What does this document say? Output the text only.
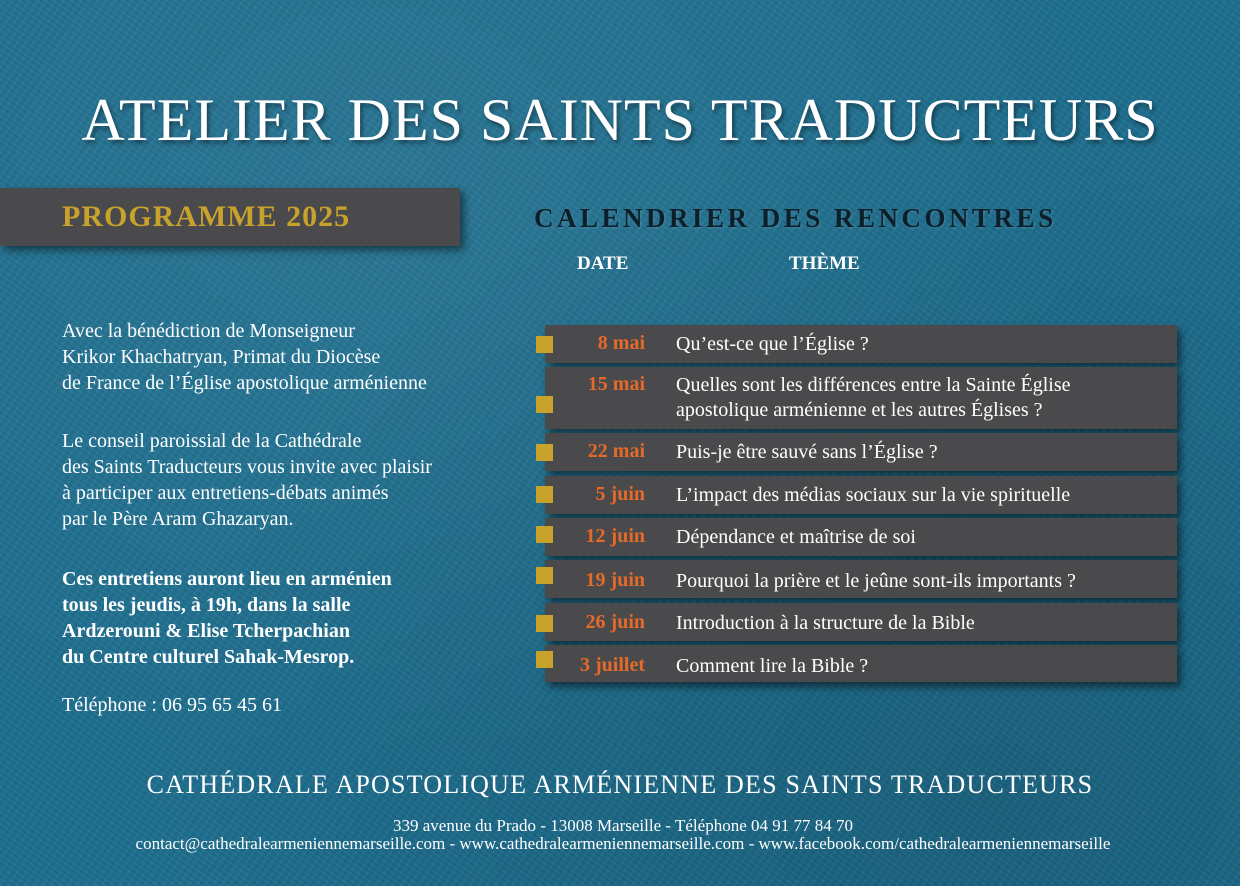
ATELIER DES SAINTS TRADUCTEURS
PROGRAMME 2025	CALENDRIER DES RENCONTRES
DATE	THÈME
Avec la bénédiction de Monseigneur
Krikor Khachatryan, Primat du Diocèse
de France de l’Église apostolique arménienne
Le conseil paroissial de la Cathédrale
des Saints Traducteurs vous invite avec plaisir
à participer aux entretiens-débats animés
par le Père Aram Ghazaryan.
Ces entretiens auront lieu en arménien
tous les jeudis, à 19h, dans la salle
Ardzerouni & Elise Tcherpachian
du Centre culturel Sahak-Mesrop.
Téléphone : 06 95 65 45 61
8 mai Qu’est-ce que l’Église ?
15 mai Quelles sont les différences entre la Sainte Église
apostolique arménienne et les autres Églises ?
22 mai Puis-je être sauvé sans l’Église ?
5 juin L’impact des médias sociaux sur la vie spirituelle
12 juin Dépendance et maîtrise de soi
19 juin Pourquoi la prière et le jeûne sont-ils importants ?
26 juin Introduction à la structure de la Bible
3 juillet Comment lire la Bible ?
CATHÉDRALE APOSTOLIQUE ARMÉNIENNE DES SAINTS TRADUCTEURS
339 avenue du Prado - 13008 Marseille - Téléphone 04 91 77 84 70
contact@cathedralearmeniennemarseille.com - www.cathedralearmeniennemarseille.com - www.facebook.com/cathedralearmeniennemarseille
